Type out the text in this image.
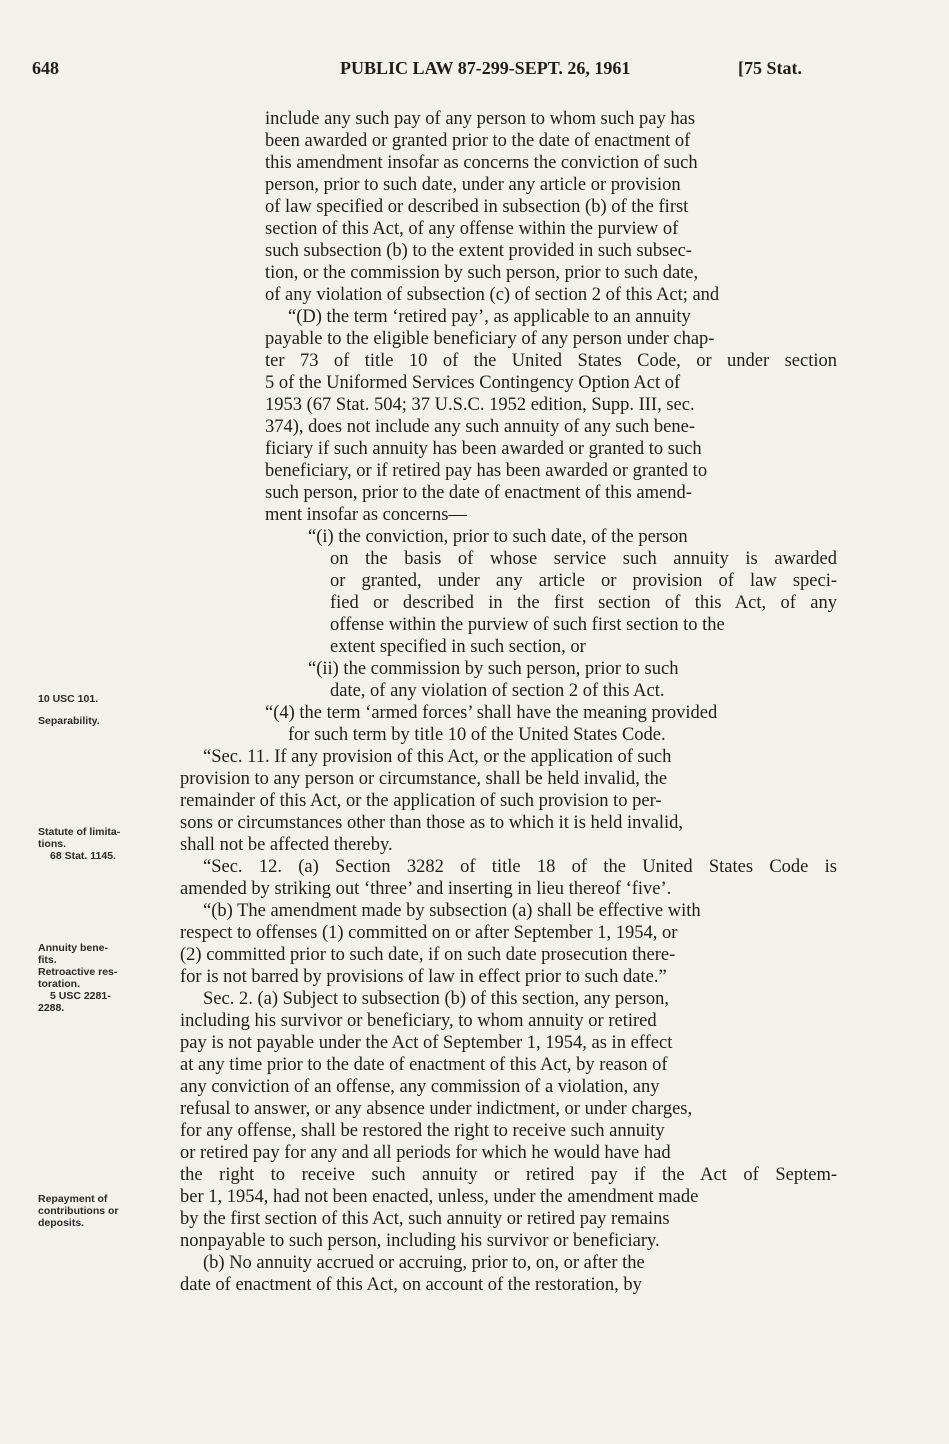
648	PUBLIC LAW 87-299-SEPT. 26, 1961	[75 Stat.
10 USC 101.
Separability.
Statute of limita-
tions.
68 Stat. 1145.
Annuity bene-
fits.
Retroactive res-
toration.
5 USC 2281-
2288.
Repayment of
contributions or
deposits.
include any such pay of any person to whom such pay has
been awarded or granted prior to the date of enactment of
this amendment insofar as concerns the conviction of such
person, prior to such date, under any article or provision
of law specified or described in subsection (b) of the first
section of this Act, of any offense within the purview of
such subsection (b) to the extent provided in such subsec-
tion, or the commission by such person, prior to such date,
of any violation of subsection (c) of section 2 of this Act; and
“(D) the term ‘retired pay’, as applicable to an annuity
payable to the eligible beneficiary of any person under chap-
ter 73 of title 10 of the United States Code, or under section
5 of the Uniformed Services Contingency Option Act of
1953 (67 Stat. 504; 37 U.S.C. 1952 edition, Supp. III, sec.
374), does not include any such annuity of any such bene-
ficiary if such annuity has been awarded or granted to such
beneficiary, or if retired pay has been awarded or granted to
such person, prior to the date of enactment of this amend-
ment insofar as concerns—
“(i) the conviction, prior to such date, of the person
on the basis of whose service such annuity is awarded
or granted, under any article or provision of law speci-
fied or described in the first section of this Act, of any
offense within the purview of such first section to the
extent specified in such section, or
“(ii) the commission by such person, prior to such
date, of any violation of section 2 of this Act.
“(4) the term ‘armed forces’ shall have the meaning provided
for such term by title 10 of the United States Code.
“Sec. 11. If any provision of this Act, or the application of such
provision to any person or circumstance, shall be held invalid, the
remainder of this Act, or the application of such provision to per-
sons or circumstances other than those as to which it is held invalid,
shall not be affected thereby.
“Sec. 12. (a) Section 3282 of title 18 of the United States Code is
amended by striking out ‘three’ and inserting in lieu thereof ‘five’.
“(b) The amendment made by subsection (a) shall be effective with
respect to offenses (1) committed on or after September 1, 1954, or
(2) committed prior to such date, if on such date prosecution there-
for is not barred by provisions of law in effect prior to such date.”
Sec. 2. (a) Subject to subsection (b) of this section, any person,
including his survivor or beneficiary, to whom annuity or retired
pay is not payable under the Act of September 1, 1954, as in effect
at any time prior to the date of enactment of this Act, by reason of
any conviction of an offense, any commission of a violation, any
refusal to answer, or any absence under indictment, or under charges,
for any offense, shall be restored the right to receive such annuity
or retired pay for any and all periods for which he would have had
the right to receive such annuity or retired pay if the Act of Septem-
ber 1, 1954, had not been enacted, unless, under the amendment made
by the first section of this Act, such annuity or retired pay remains
nonpayable to such person, including his survivor or beneficiary.
(b) No annuity accrued or accruing, prior to, on, or after the
date of enactment of this Act, on account of the restoration, by
